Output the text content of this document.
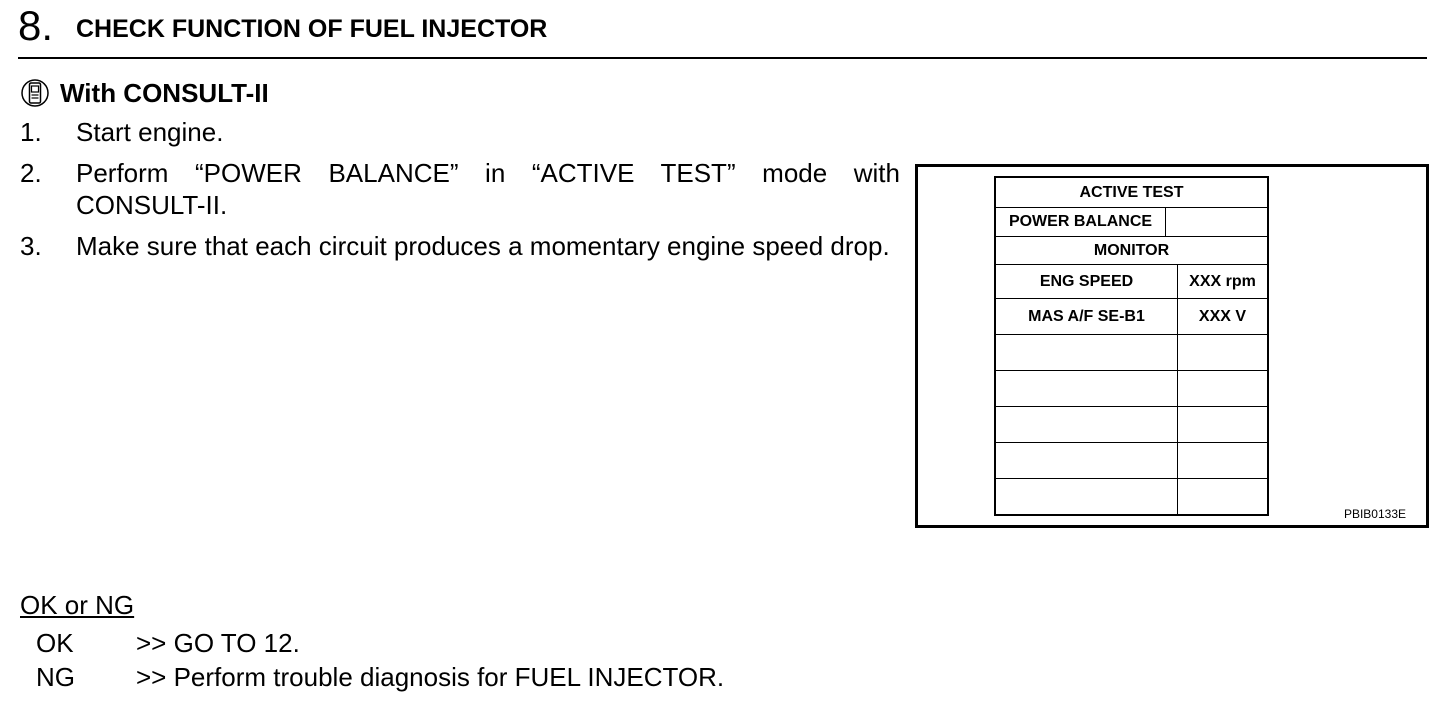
8. CHECK FUNCTION OF FUEL INJECTOR
With CONSULT-II
1.	Start engine.
2.	Perform “POWER BALANCE” in “ACTIVE TEST” mode with CONSULT-II.
3.	Make sure that each circuit produces a momentary engine speed drop.
ACTIVE TEST
POWER BALANCE
MONITOR
ENG SPEED	XXX rpm
MAS A/F SE-B1	XXX V
PBIB0133E
OK or NG
OK	>> GO TO 12.
NG	>> Perform trouble diagnosis for FUEL INJECTOR.
